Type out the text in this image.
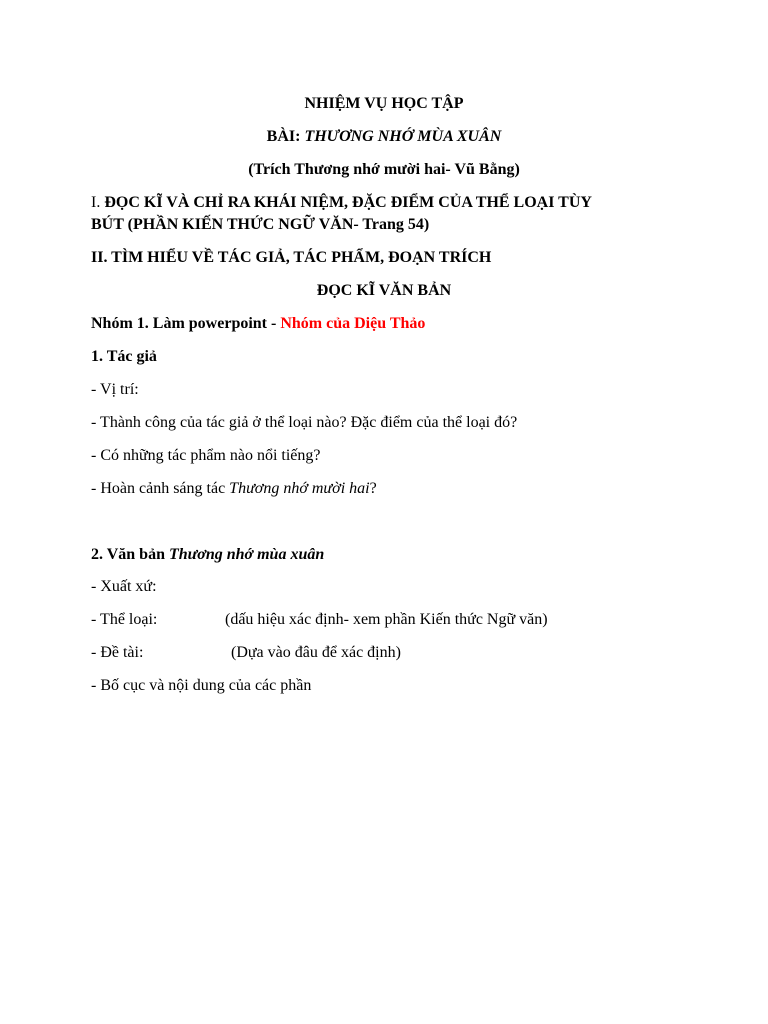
NHIỆM VỤ HỌC TẬP
BÀI: THƯƠNG NHỚ MÙA XUÂN
(Trích Thương nhớ mười hai- Vũ Bằng)
I. ĐỌC KĨ VÀ CHỈ RA KHÁI NIỆM, ĐẶC ĐIỂM CỦA THỂ LOẠI TÙY
BÚT (PHẦN KIẾN THỨC NGỮ VĂN- Trang 54)
II. TÌM HIỂU VỀ TÁC GIẢ, TÁC PHẨM, ĐOẠN TRÍCH
ĐỌC KĨ VĂN BẢN
Nhóm 1. Làm powerpoint - Nhóm của Diệu Thảo
1. Tác giả
- Vị trí:
- Thành công của tác giả ở thể loại nào? Đặc điểm của thể loại đó?
- Có những tác phẩm nào nổi tiếng?
- Hoàn cảnh sáng tác Thương nhớ mười hai?
2. Văn bản Thương nhớ mùa xuân
- Xuất xứ:
- Thể loại:	(dấu hiệu xác định- xem phần Kiến thức Ngữ văn)
- Đề tài:	(Dựa vào đâu để xác định)
- Bố cục và nội dung của các phần
